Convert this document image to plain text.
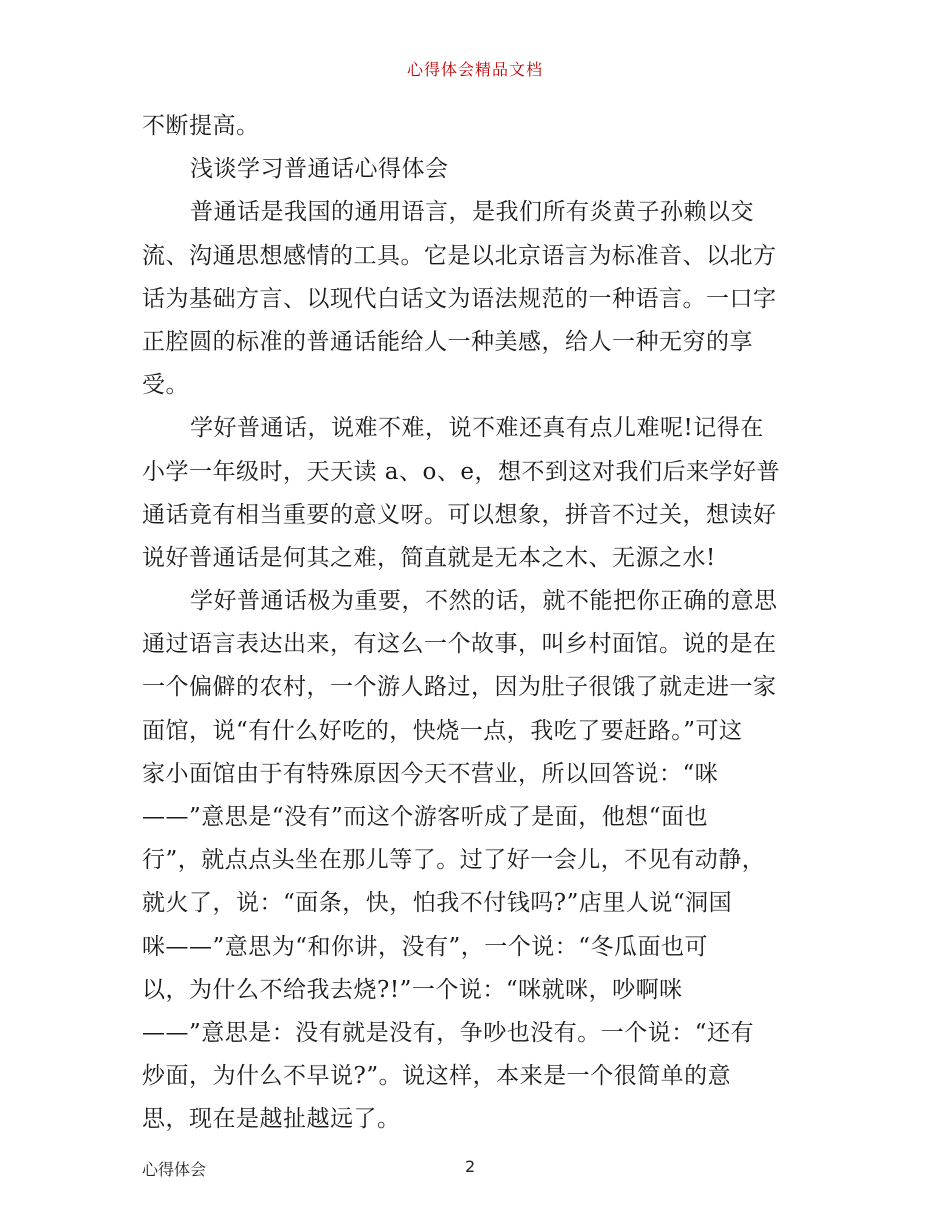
心得体会精品文档
不断提高。
浅谈学习普通话心得体会
普通话是我国的通用语言，是我们所有炎黄子孙赖以交
流、沟通思想感情的工具。它是以北京语言为标准音、以北方
话为基础方言、以现代白话文为语法规范的一种语言。一口字
正腔圆的标准的普通话能给人一种美感，给人一种无穷的享
受。
学好普通话，说难不难，说不难还真有点儿难呢!记得在
小学一年级时，天天读 a、o、e，想不到这对我们后来学好普
通话竟有相当重要的意义呀。可以想象，拼音不过关，想读好
说好普通话是何其之难，简直就是无本之木、无源之水!
学好普通话极为重要，不然的话，就不能把你正确的意思
通过语言表达出来，有这么一个故事，叫乡村面馆。说的是在
一个偏僻的农村，一个游人路过，因为肚子很饿了就走进一家
面馆，说“有什么好吃的，快烧一点，我吃了要赶路。”可这
家小面馆由于有特殊原因今天不营业，所以回答说：“咪
——”意思是“没有”而这个游客听成了是面，他想“面也
行”，就点点头坐在那儿等了。过了好一会儿，不见有动静，
就火了，说：“面条，快，怕我不付钱吗?”店里人说“洞国
咪——”意思为“和你讲，没有”，一个说：“冬瓜面也可
以，为什么不给我去烧?!”一个说：“咪就咪，吵啊咪
——”意思是：没有就是没有，争吵也没有。一个说：“还有
炒面，为什么不早说?”。说这样，本来是一个很简单的意
思，现在是越扯越远了。
心得体会	2
